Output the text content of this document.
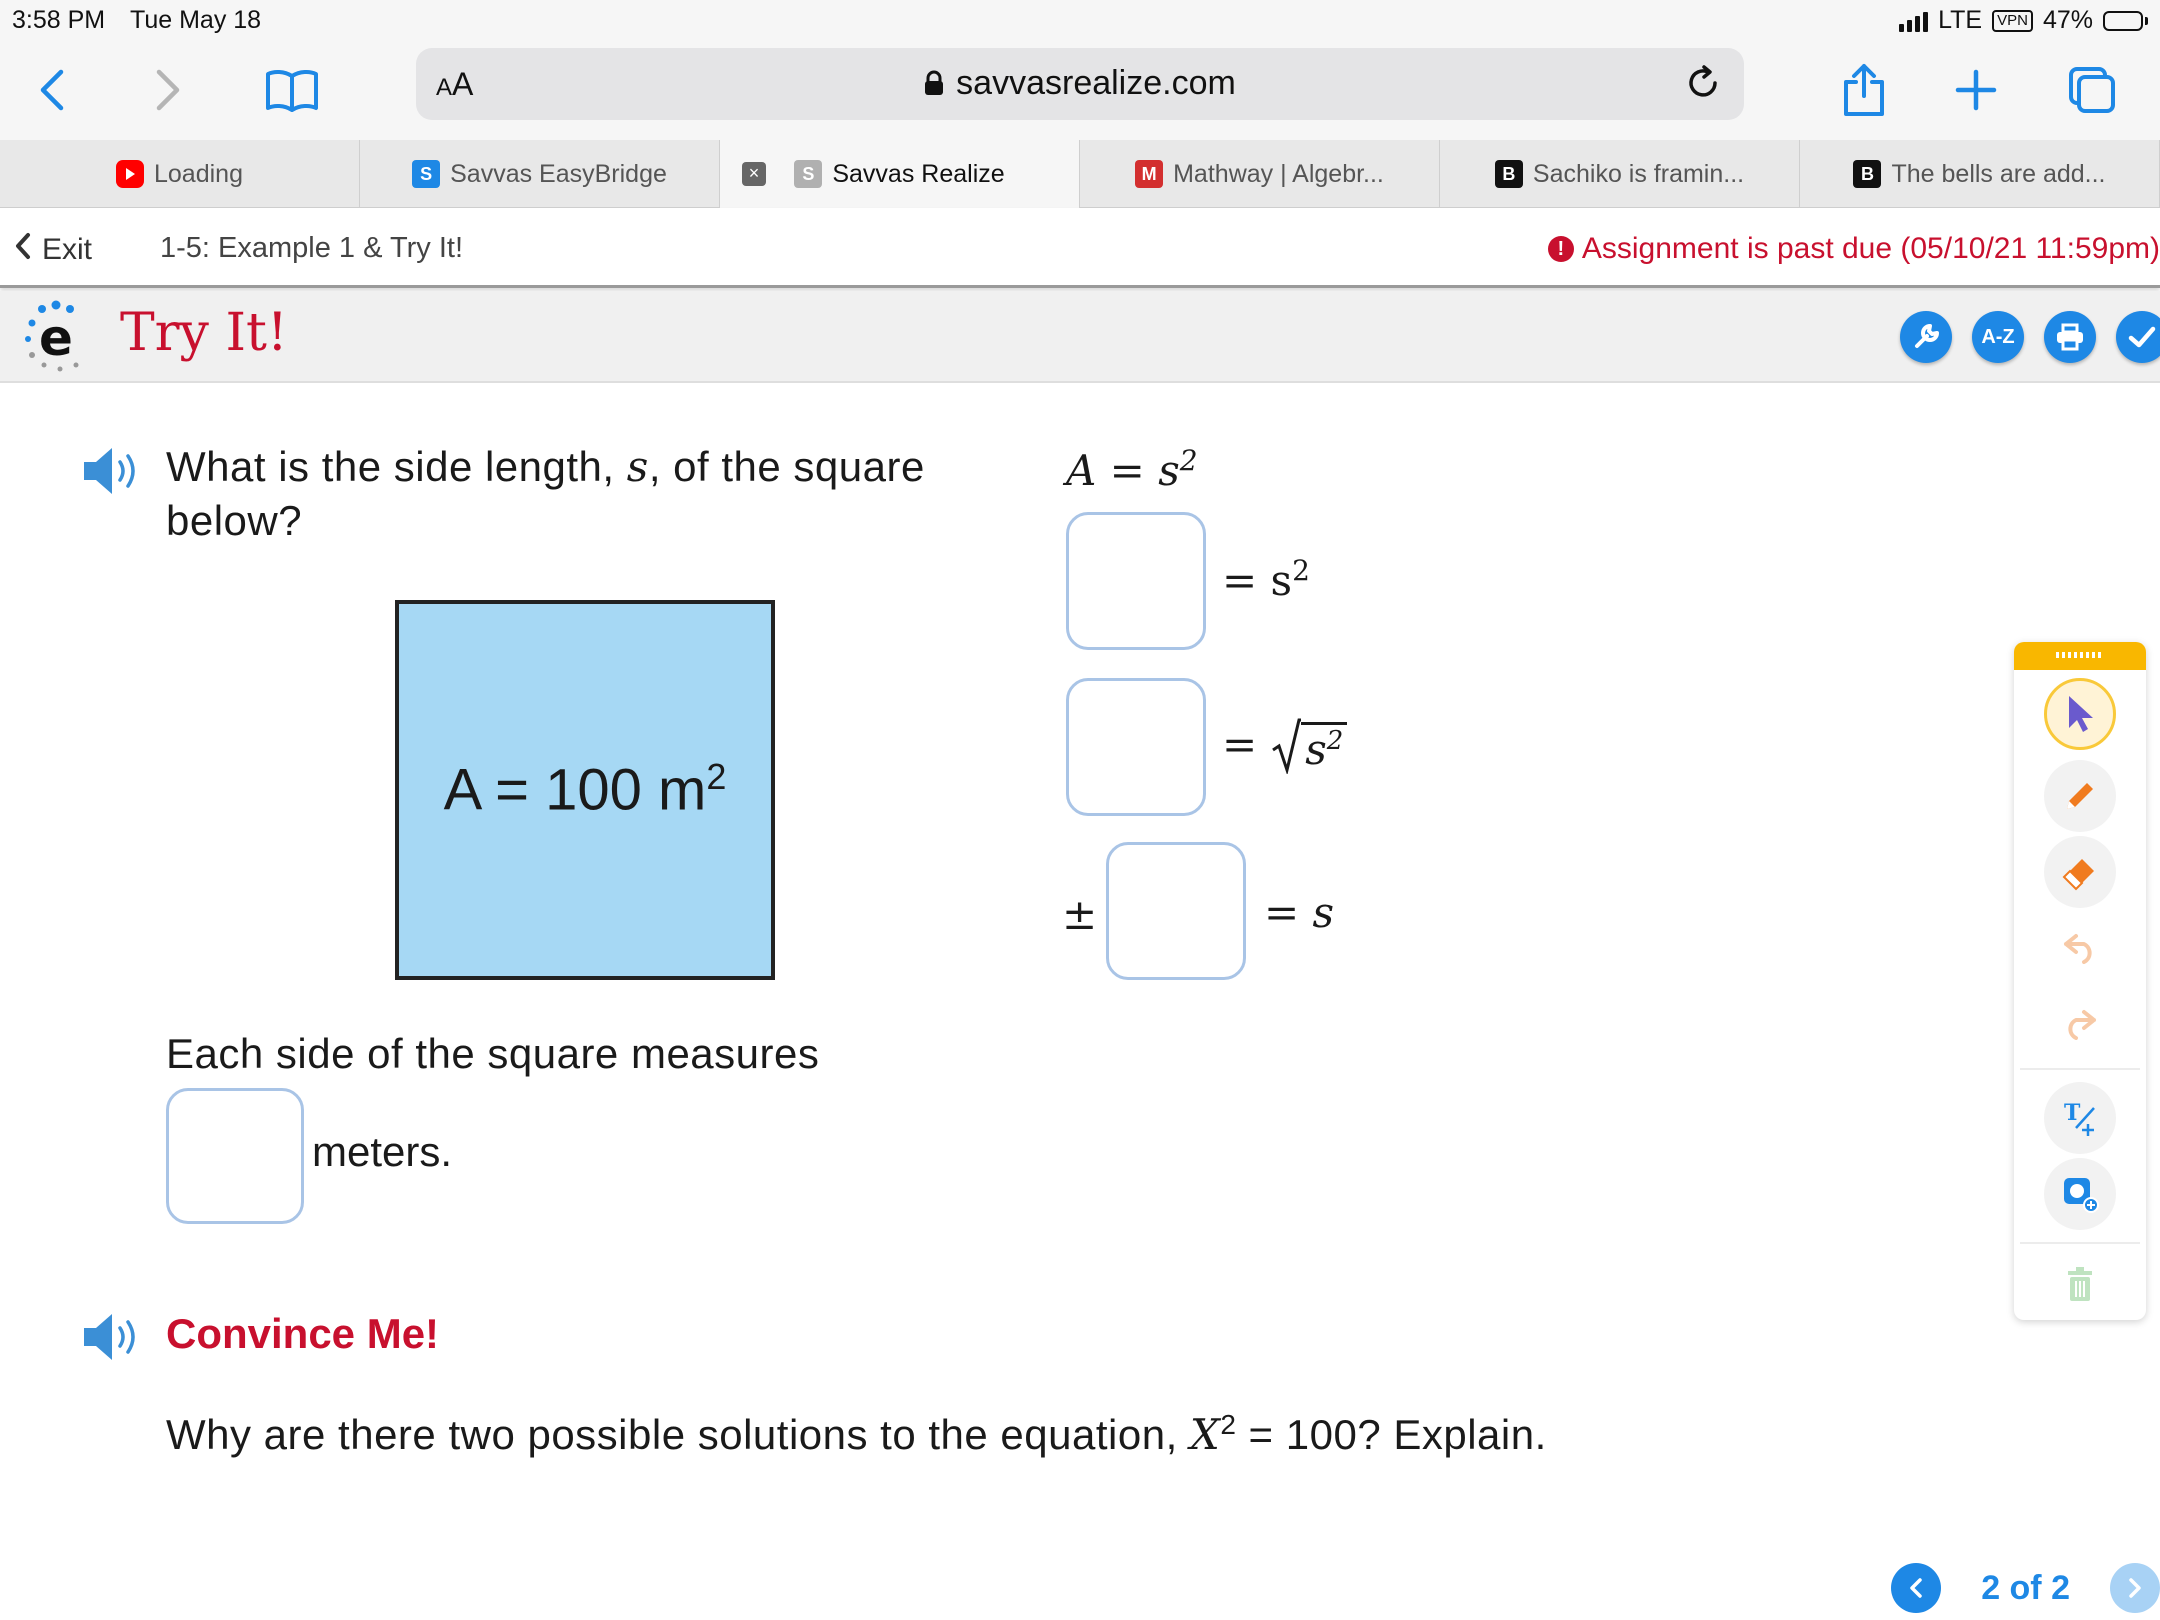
3:58 PM Tue May 18	LTE	VPN 47%
AA	savvasrealize.com
Loading	S Savvas EasyBridge	×	S Savvas Realize	M Mathway | Algebr...	B Sachiko is framin...	B The bells are add...
Exit 1-5: Example 1 & Try It!	! Assignment is past due (05/10/21 11:59pm)
e Try It!	A-Z
What is the side length, s, of the square below?
A = 100 $m^2$
$A = s^2$
= $s^2$
= $s^2$
±	= s
Each side of the square measures
meters.
Convince Me!
Why are there two possible solutions to the equation, $X^2 = 100$? Explain.
T
2 of 2
